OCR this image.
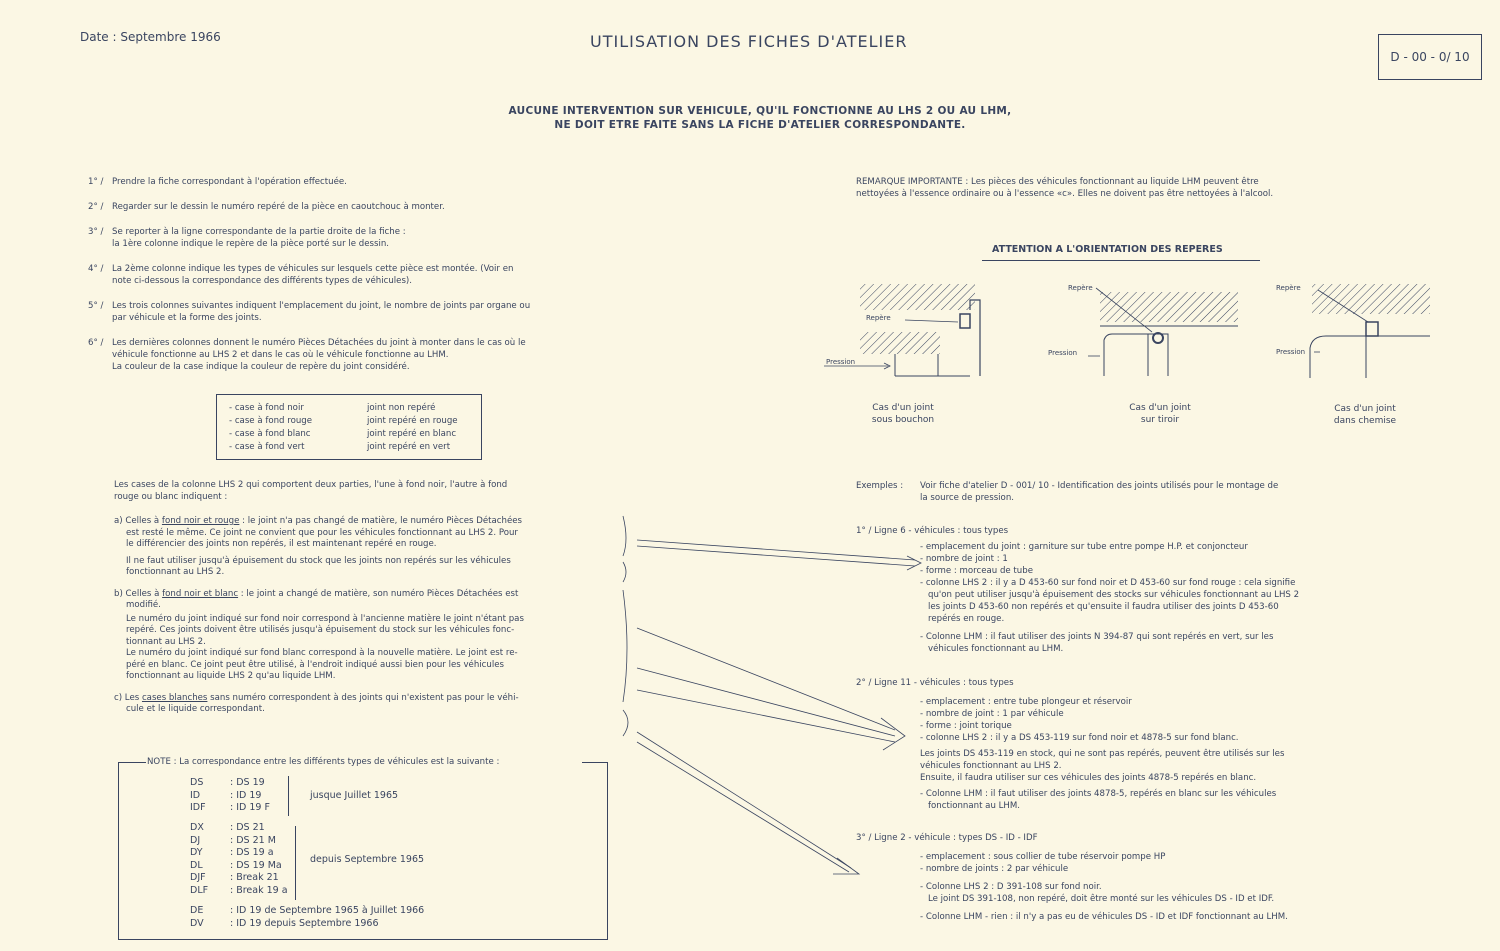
Date : Septembre 1966	UTILISATION DES FICHES D'ATELIER
D - 00 - 0/ 10
AUCUNE INTERVENTION SUR VEHICULE, QU'IL FONCTIONNE AU LHS 2 OU AU LHM,
NE DOIT ETRE FAITE SANS LA FICHE D'ATELIER CORRESPONDANTE.
1° / Prendre la fiche correspondant à l'opération effectuée.
2° / Regarder sur le dessin le numéro repéré de la pièce en caoutchouc à monter.
3° / Se reporter à la ligne correspondante de la partie droite de la fiche :
la 1ère colonne indique le repère de la pièce porté sur le dessin.
4° / La 2ème colonne indique les types de véhicules sur lesquels cette pièce est montée. (Voir en
note ci-dessous la correspondance des différents types de véhicules).
5° / Les trois colonnes suivantes indiquent l'emplacement du joint, le nombre de joints par organe ou
par véhicule et la forme des joints.
6° / Les dernières colonnes donnent le numéro Pièces Détachées du joint à monter dans le cas où le
véhicule fonctionne au LHS 2 et dans le cas où le véhicule fonctionne au LHM.
La couleur de la case indique la couleur de repère du joint considéré.
- case à fond noir	joint non repéré
- case à fond rouge	joint repéré en rouge
- case à fond blanc	joint repéré en blanc
- case à fond vert	joint repéré en vert
Les cases de la colonne LHS 2 qui comportent deux parties, l'une à fond noir, l'autre à fond
rouge ou blanc indiquent :
a) Celles à fond noir et rouge : le joint n'a pas changé de matière, le numéro Pièces Détachées
est resté le même. Ce joint ne convient que pour les véhicules fonctionnant au LHS 2. Pour
le différencier des joints non repérés, il est maintenant repéré en rouge.

Il ne faut utiliser jusqu'à épuisement du stock que les joints non repérés sur les véhicules

fonctionnant au LHS 2.

b) Celles à fond noir et blanc : le joint a changé de matière, son numéro Pièces Détachées est
modifié.

Le numéro du joint indiqué sur fond noir correspond à l'ancienne matière le joint n'étant pas

repéré. Ces joints doivent être utilisés jusqu'à épuisement du stock sur les véhicules fonc-

tionnant au LHS 2.

Le numéro du joint indiqué sur fond blanc correspond à la nouvelle matière. Le joint est re-

péré en blanc. Ce joint peut être utilisé, à l'endroit indiqué aussi bien pour les véhicules

fonctionnant au liquide LHS 2 qu'au liquide LHM.

c) Les cases blanches sans numéro correspondent à des joints qui n'existent pas pour le véhi-
cule et le liquide correspondant.
NOTE : La correspondance entre les différents types de véhicules est la suivante :
DS	: DS 19
ID	: ID 19
IDF	: ID 19 F
jusque Juillet 1965
DX	: DS 21
DJ	: DS 21 M
DY	: DS 19 a
DL	: DS 19 Ma
DJF	: Break 21
DLF	: Break 19 a
depuis Septembre 1965
DE	: ID 19 de Septembre 1965 à Juillet 1966
DV	: ID 19 depuis Septembre 1966
REMARQUE IMPORTANTE : Les pièces des véhicules fonctionnant au liquide LHM peuvent être
nettoyées à l'essence ordinaire ou à l'essence «c». Elles ne doivent pas être nettoyées à l'alcool.
ATTENTION A L'ORIENTATION DES REPERES
Repère
Pression
Repère
Pression
Repère
Pression
Cas d'un joint
sous bouchon
Cas d'un joint
sur tiroir
Cas d'un joint
dans chemise
Exemples : Voir fiche d'atelier D - 001/ 10 - Identification des joints utilisés pour le montage de
la source de pression.
1° / Ligne 6 - véhicules : tous types

- emplacement du joint : garniture sur tube entre pompe H.P. et conjoncteur

- nombre de joint : 1

- forme : morceau de tube

- colonne LHS 2 : il y a D 453-60 sur fond noir et D 453-60 sur fond rouge : cela signifie

qu'on peut utiliser jusqu'à épuisement des stocks sur véhicules fonctionnant au LHS 2

les joints D 453-60 non repérés et qu'ensuite il faudra utiliser des joints D 453-60

repérés en rouge.

- Colonne LHM : il faut utiliser des joints N 394-87 qui sont repérés en vert, sur les

véhicules fonctionnant au LHM.

2° / Ligne 11 - véhicules : tous types

- emplacement : entre tube plongeur et réservoir

- nombre de joint : 1 par véhicule

- forme : joint torique

- colonne LHS 2 : il y a DS 453-119 sur fond noir et 4878-5 sur fond blanc.

Les joints DS 453-119 en stock, qui ne sont pas repérés, peuvent être utilisés sur les

véhicules fonctionnant au LHS 2.

Ensuite, il faudra utiliser sur ces véhicules des joints 4878-5 repérés en blanc.

- Colonne LHM : il faut utiliser des joints 4878-5, repérés en blanc sur les véhicules

fonctionnant au LHM.

3° / Ligne 2 - véhicule : types DS - ID - IDF

- emplacement : sous collier de tube réservoir pompe HP

- nombre de joints : 2 par véhicule

- Colonne LHS 2 : D 391-108 sur fond noir.

Le joint DS 391-108, non repéré, doit être monté sur les véhicules DS - ID et IDF.

- Colonne LHM - rien : il n'y a pas eu de véhicules DS - ID et IDF fonctionnant au LHM.
